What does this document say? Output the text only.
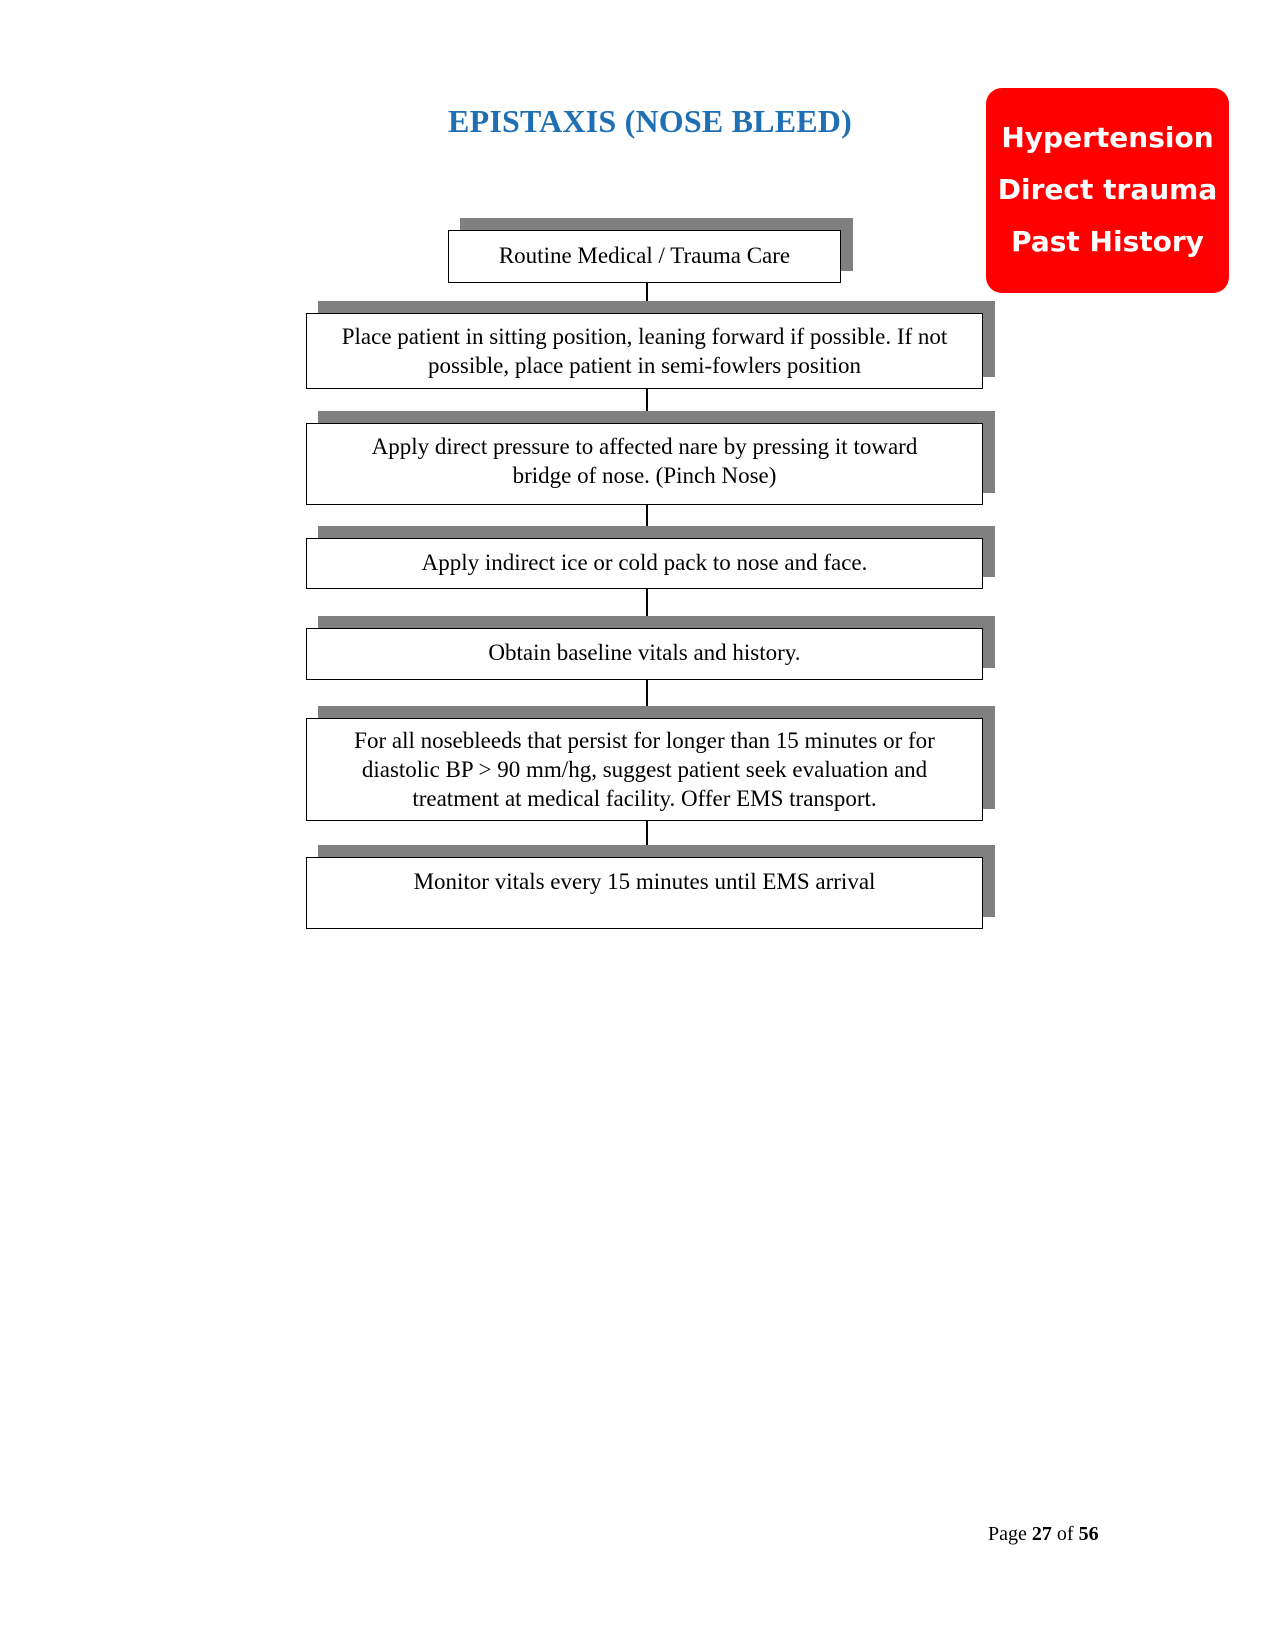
EPISTAXIS (NOSE BLEED)	Hypertension
Direct trauma
Past History
Routine Medical / Trauma Care
Place patient in sitting position, leaning forward if possible. If not possible, place patient in semi-fowlers position
Apply direct pressure to affected nare by pressing it toward bridge of nose. (Pinch Nose)
Apply indirect ice or cold pack to nose and face.
Obtain baseline vitals and history.
For all nosebleeds that persist for longer than 15 minutes or for diastolic BP > 90 mm/hg, suggest patient seek evaluation and treatment at medical facility. Offer EMS transport.
Monitor vitals every 15 minutes until EMS arrival
Page 27 of 56
